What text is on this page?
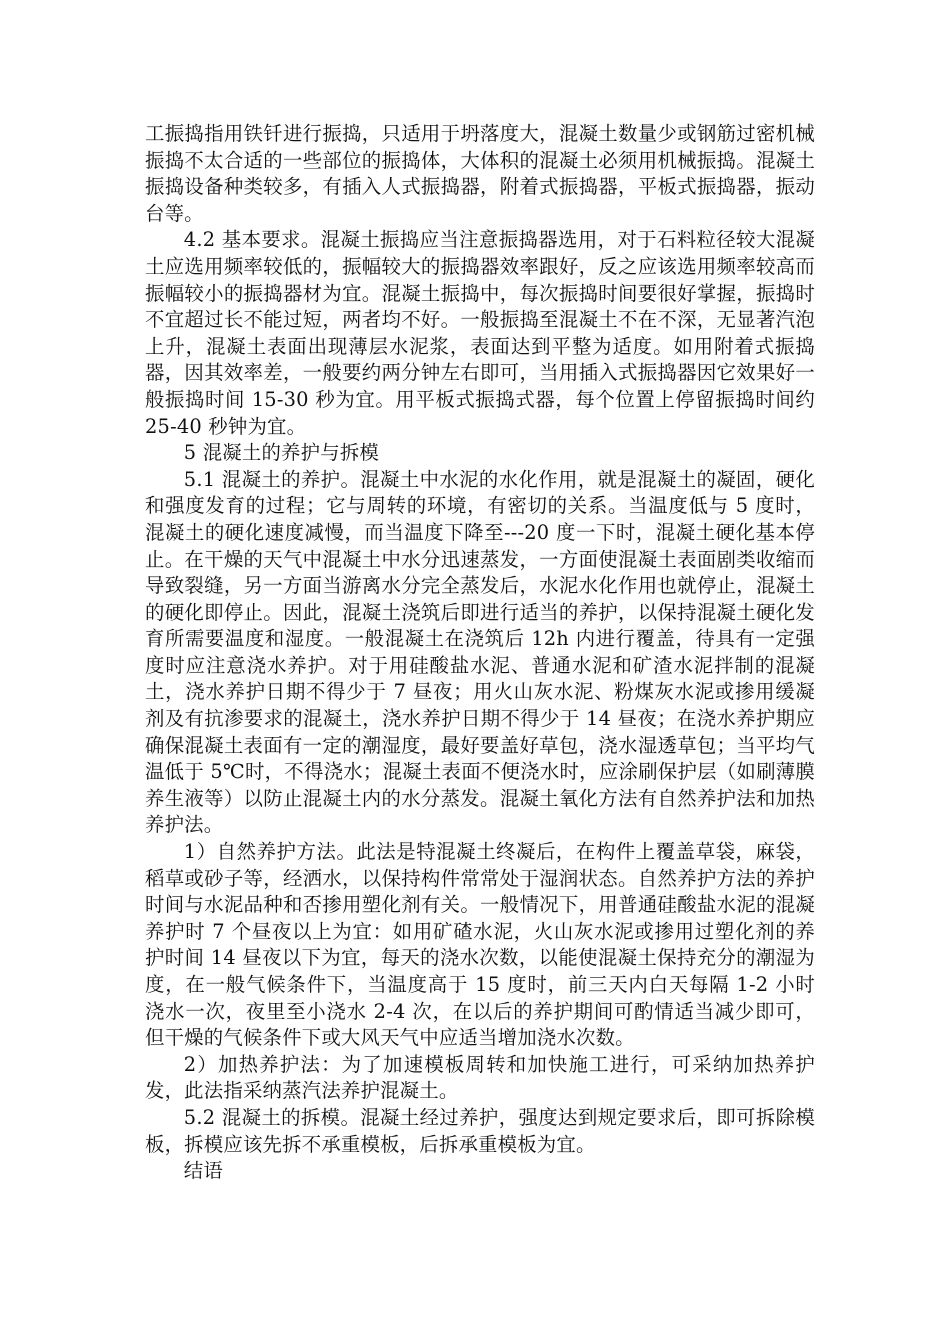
工振捣指用铁钎进行振捣，只适用于坍落度大，混凝土数量少或钢筋过密机械振捣不太合适的一些部位的振捣体，大体积的混凝土必须用机械振捣。混凝土振捣设备种类较多，有插入人式振捣器，附着式振捣器，平板式振捣器，振动台等。

4.2 基本要求。混凝土振捣应当注意振捣器选用，对于石料粒径较大混凝土应选用频率较低的，振幅较大的振捣器效率跟好，反之应该选用频率较高而振幅较小的振捣器材为宜。混凝土振捣中，每次振捣时间要很好掌握，振捣时不宜超过长不能过短，两者均不好。一般振捣至混凝土不在不深，无显著汽泡上升，混凝土表面出现薄层水泥浆，表面达到平整为适度。如用附着式振捣器，因其效率差，一般要约两分钟左右即可，当用插入式振捣器因它效果好一般振捣时间 15-30 秒为宜。用平板式振捣式器，每个位置上停留振捣时间约 25-40 秒钟为宜。

5 混凝土的养护与拆模

5.1 混凝土的养护。混凝土中水泥的水化作用，就是混凝土的凝固，硬化和强度发育的过程；它与周转的环境，有密切的关系。当温度低与 5 度时，混凝土的硬化速度减慢，而当温度下降至---20 度一下时，混凝土硬化基本停止。在干燥的天气中混凝土中水分迅速蒸发，一方面使混凝土表面剧类收缩而导致裂缝，另一方面当游离水分完全蒸发后，水泥水化作用也就停止，混凝土的硬化即停止。因此，混凝土浇筑后即进行适当的养护，以保持混凝土硬化发育所需要温度和湿度。一般混凝土在浇筑后 12h 内进行覆盖，待具有一定强度时应注意浇水养护。对于用硅酸盐水泥、普通水泥和矿渣水泥拌制的混凝土，浇水养护日期不得少于 7 昼夜；用火山灰水泥、粉煤灰水泥或掺用缓凝剂及有抗渗要求的混凝土，浇水养护日期不得少于 14 昼夜；在浇水养护期应确保混凝土表面有一定的潮湿度，最好要盖好草包，浇水湿透草包；当平均气温低于 5℃时，不得浇水；混凝土表面不便浇水时，应涂刷保护层（如刷薄膜养生液等）以防止混凝土内的水分蒸发。混凝土氧化方法有自然养护法和加热养护法。

1）自然养护方法。此法是特混凝土终凝后，在构件上覆盖草袋，麻袋，稻草或砂子等，经洒水，以保持构件常常处于湿润状态。自然养护方法的养护时间与水泥品种和否掺用塑化剂有关。一般情况下，用普通硅酸盐水泥的混凝养护时 7 个昼夜以上为宜：如用矿碴水泥，火山灰水泥或掺用过塑化剂的养护时间 14 昼夜以下为宜，每天的浇水次数，以能使混凝土保持充分的潮湿为度，在一般气候条件下，当温度高于 15 度时，前三天内白天每隔 1-2 小时浇水一次，夜里至小浇水 2-4 次，在以后的养护期间可酌情适当减少即可，但干燥的气候条件下或大风天气中应适当增加浇水次数。

2）加热养护法：为了加速模板周转和加快施工进行，可采纳加热养护发，此法指采纳蒸汽法养护混凝土。

5.2 混凝土的拆模。混凝土经过养护，强度达到规定要求后，即可拆除模板，拆模应该先拆不承重模板，后拆承重模板为宜。

结语
